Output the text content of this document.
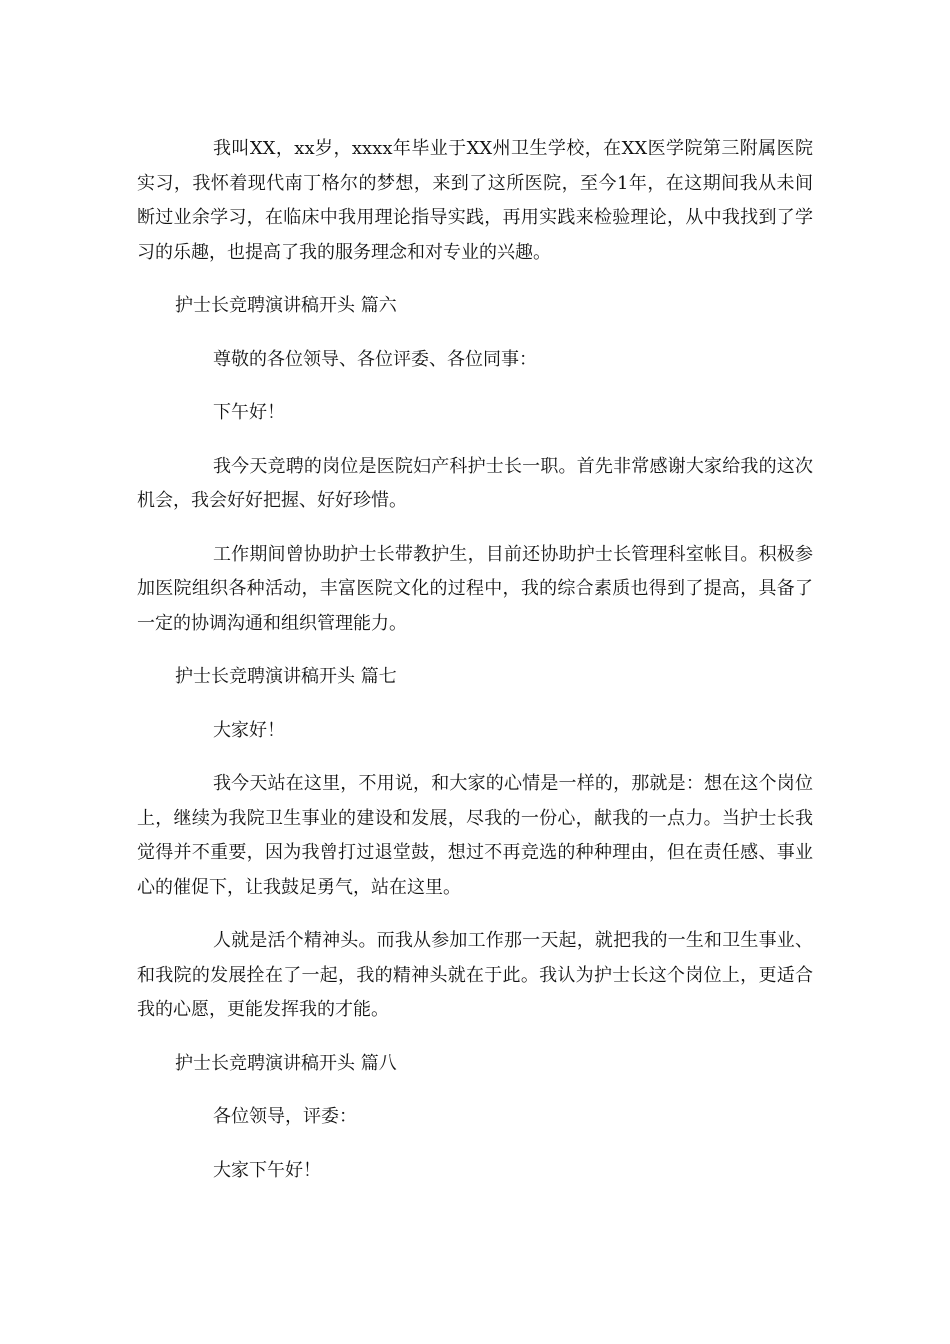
我叫XX，xx岁，xxxx年毕业于XX州卫生学校，在XX医学院第三附属医院实习，我怀着现代南丁格尔的梦想，来到了这所医院，至今1年，在这期间我从未间断过业余学习，在临床中我用理论指导实践，再用实践来检验理论，从中我找到了学习的乐趣，也提高了我的服务理念和对专业的兴趣。

护士长竞聘演讲稿开头 篇六

尊敬的各位领导、各位评委、各位同事：

下午好！

我今天竞聘的岗位是医院妇产科护士长一职。首先非常感谢大家给我的这次机会，我会好好把握、好好珍惜。

工作期间曾协助护士长带教护生，目前还协助护士长管理科室帐目。积极参加医院组织各种活动，丰富医院文化的过程中，我的综合素质也得到了提高，具备了一定的协调沟通和组织管理能力。

护士长竞聘演讲稿开头 篇七

大家好！

我今天站在这里，不用说，和大家的心情是一样的，那就是：想在这个岗位上，继续为我院卫生事业的建设和发展，尽我的一份心，献我的一点力。当护士长我觉得并不重要，因为我曾打过退堂鼓，想过不再竞选的种种理由，但在责任感、事业心的催促下，让我鼓足勇气，站在这里。

人就是活个精神头。而我从参加工作那一天起，就把我的一生和卫生事业、和我院的发展拴在了一起，我的精神头就在于此。我认为护士长这个岗位上，更适合我的心愿，更能发挥我的才能。

护士长竞聘演讲稿开头 篇八

各位领导，评委：

大家下午好！
